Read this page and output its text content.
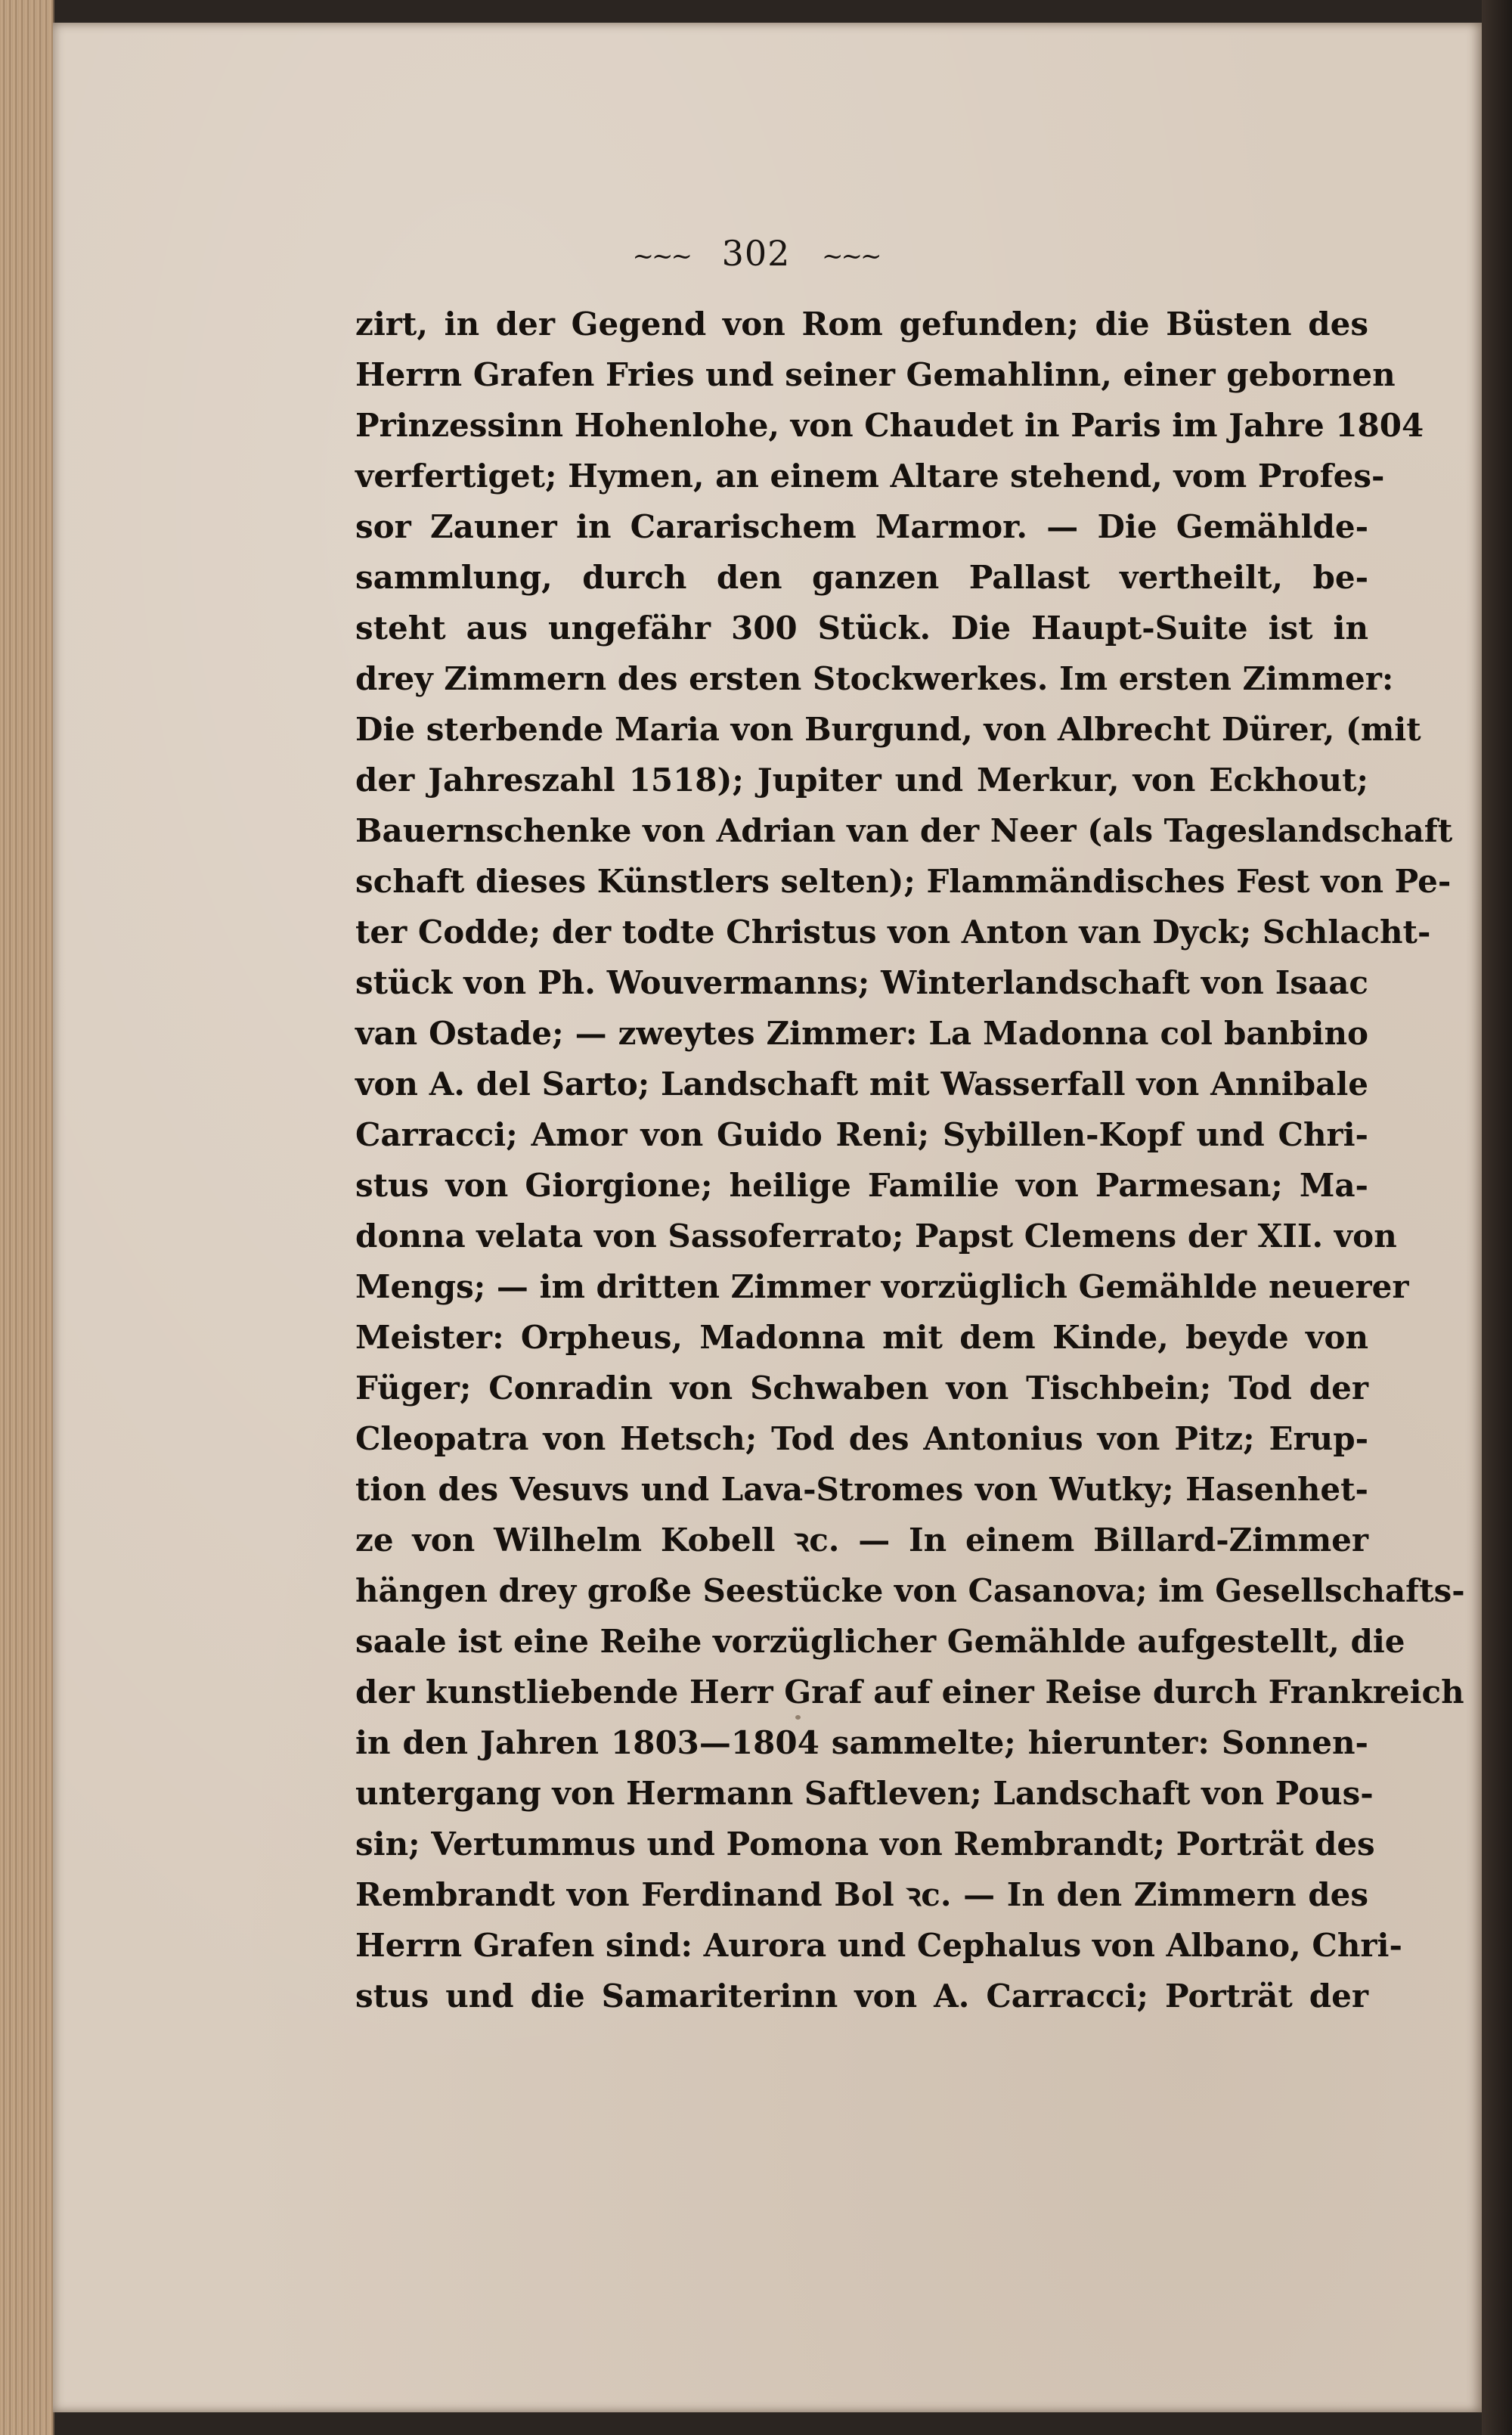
~~~ 302 ~~~
zirt, in der Gegend von Rom gefunden; die Büsten des
Herrn Grafen Fries und seiner Gemahlinn, einer gebornen
Prinzessinn Hohenlohe, von Chaudet in Paris im Jahre 1804
verfertiget; Hymen, an einem Altare stehend, vom Profes-
sor Zauner in Cararischem Marmor. — Die Gemählde-
sammlung, durch den ganzen Pallast vertheilt, be-
steht aus ungefähr 300 Stück. Die Haupt-Suite ist in
drey Zimmern des ersten Stockwerkes. Im ersten Zimmer:
Die sterbende Maria von Burgund, von Albrecht Dürer, (mit
der Jahreszahl 1518); Jupiter und Merkur, von Eckhout;
Bauernschenke von Adrian van der Neer (als Tageslandschaft
schaft dieses Künstlers selten); Flammändisches Fest von Pe-
ter Codde; der todte Christus von Anton van Dyck; Schlacht-
stück von Ph. Wouvermanns; Winterlandschaft von Isaac
van Ostade; — zweytes Zimmer: La Madonna col banbino
von A. del Sarto; Landschaft mit Wasserfall von Annibale
Carracci; Amor von Guido Reni; Sybillen-Kopf und Chri-
stus von Giorgione; heilige Familie von Parmesan; Ma-
donna velata von Sassoferrato; Papst Clemens der XII. von
Mengs; — im dritten Zimmer vorzüglich Gemählde neuerer
Meister: Orpheus, Madonna mit dem Kinde, beyde von
Füger; Conradin von Schwaben von Tischbein; Tod der
Cleopatra von Hetsch; Tod des Antonius von Pitz; Erup-
tion des Vesuvs und Lava-Stromes von Wutky; Hasenhet-
ze von Wilhelm Kobell ꝛc. — In einem Billard-Zimmer
hängen drey große Seestücke von Casanova; im Gesellschafts-
saale ist eine Reihe vorzüglicher Gemählde aufgestellt, die
der kunstliebende Herr Graf auf einer Reise durch Frankreich
in den Jahren 1803—1804 sammelte; hierunter: Sonnen-
untergang von Hermann Saftleven; Landschaft von Pous-
sin; Vertummus und Pomona von Rembrandt; Porträt des
Rembrandt von Ferdinand Bol ꝛc. — In den Zimmern des
Herrn Grafen sind: Aurora und Cephalus von Albano, Chri-
stus und die Samariterinn von A. Carracci; Porträt der
